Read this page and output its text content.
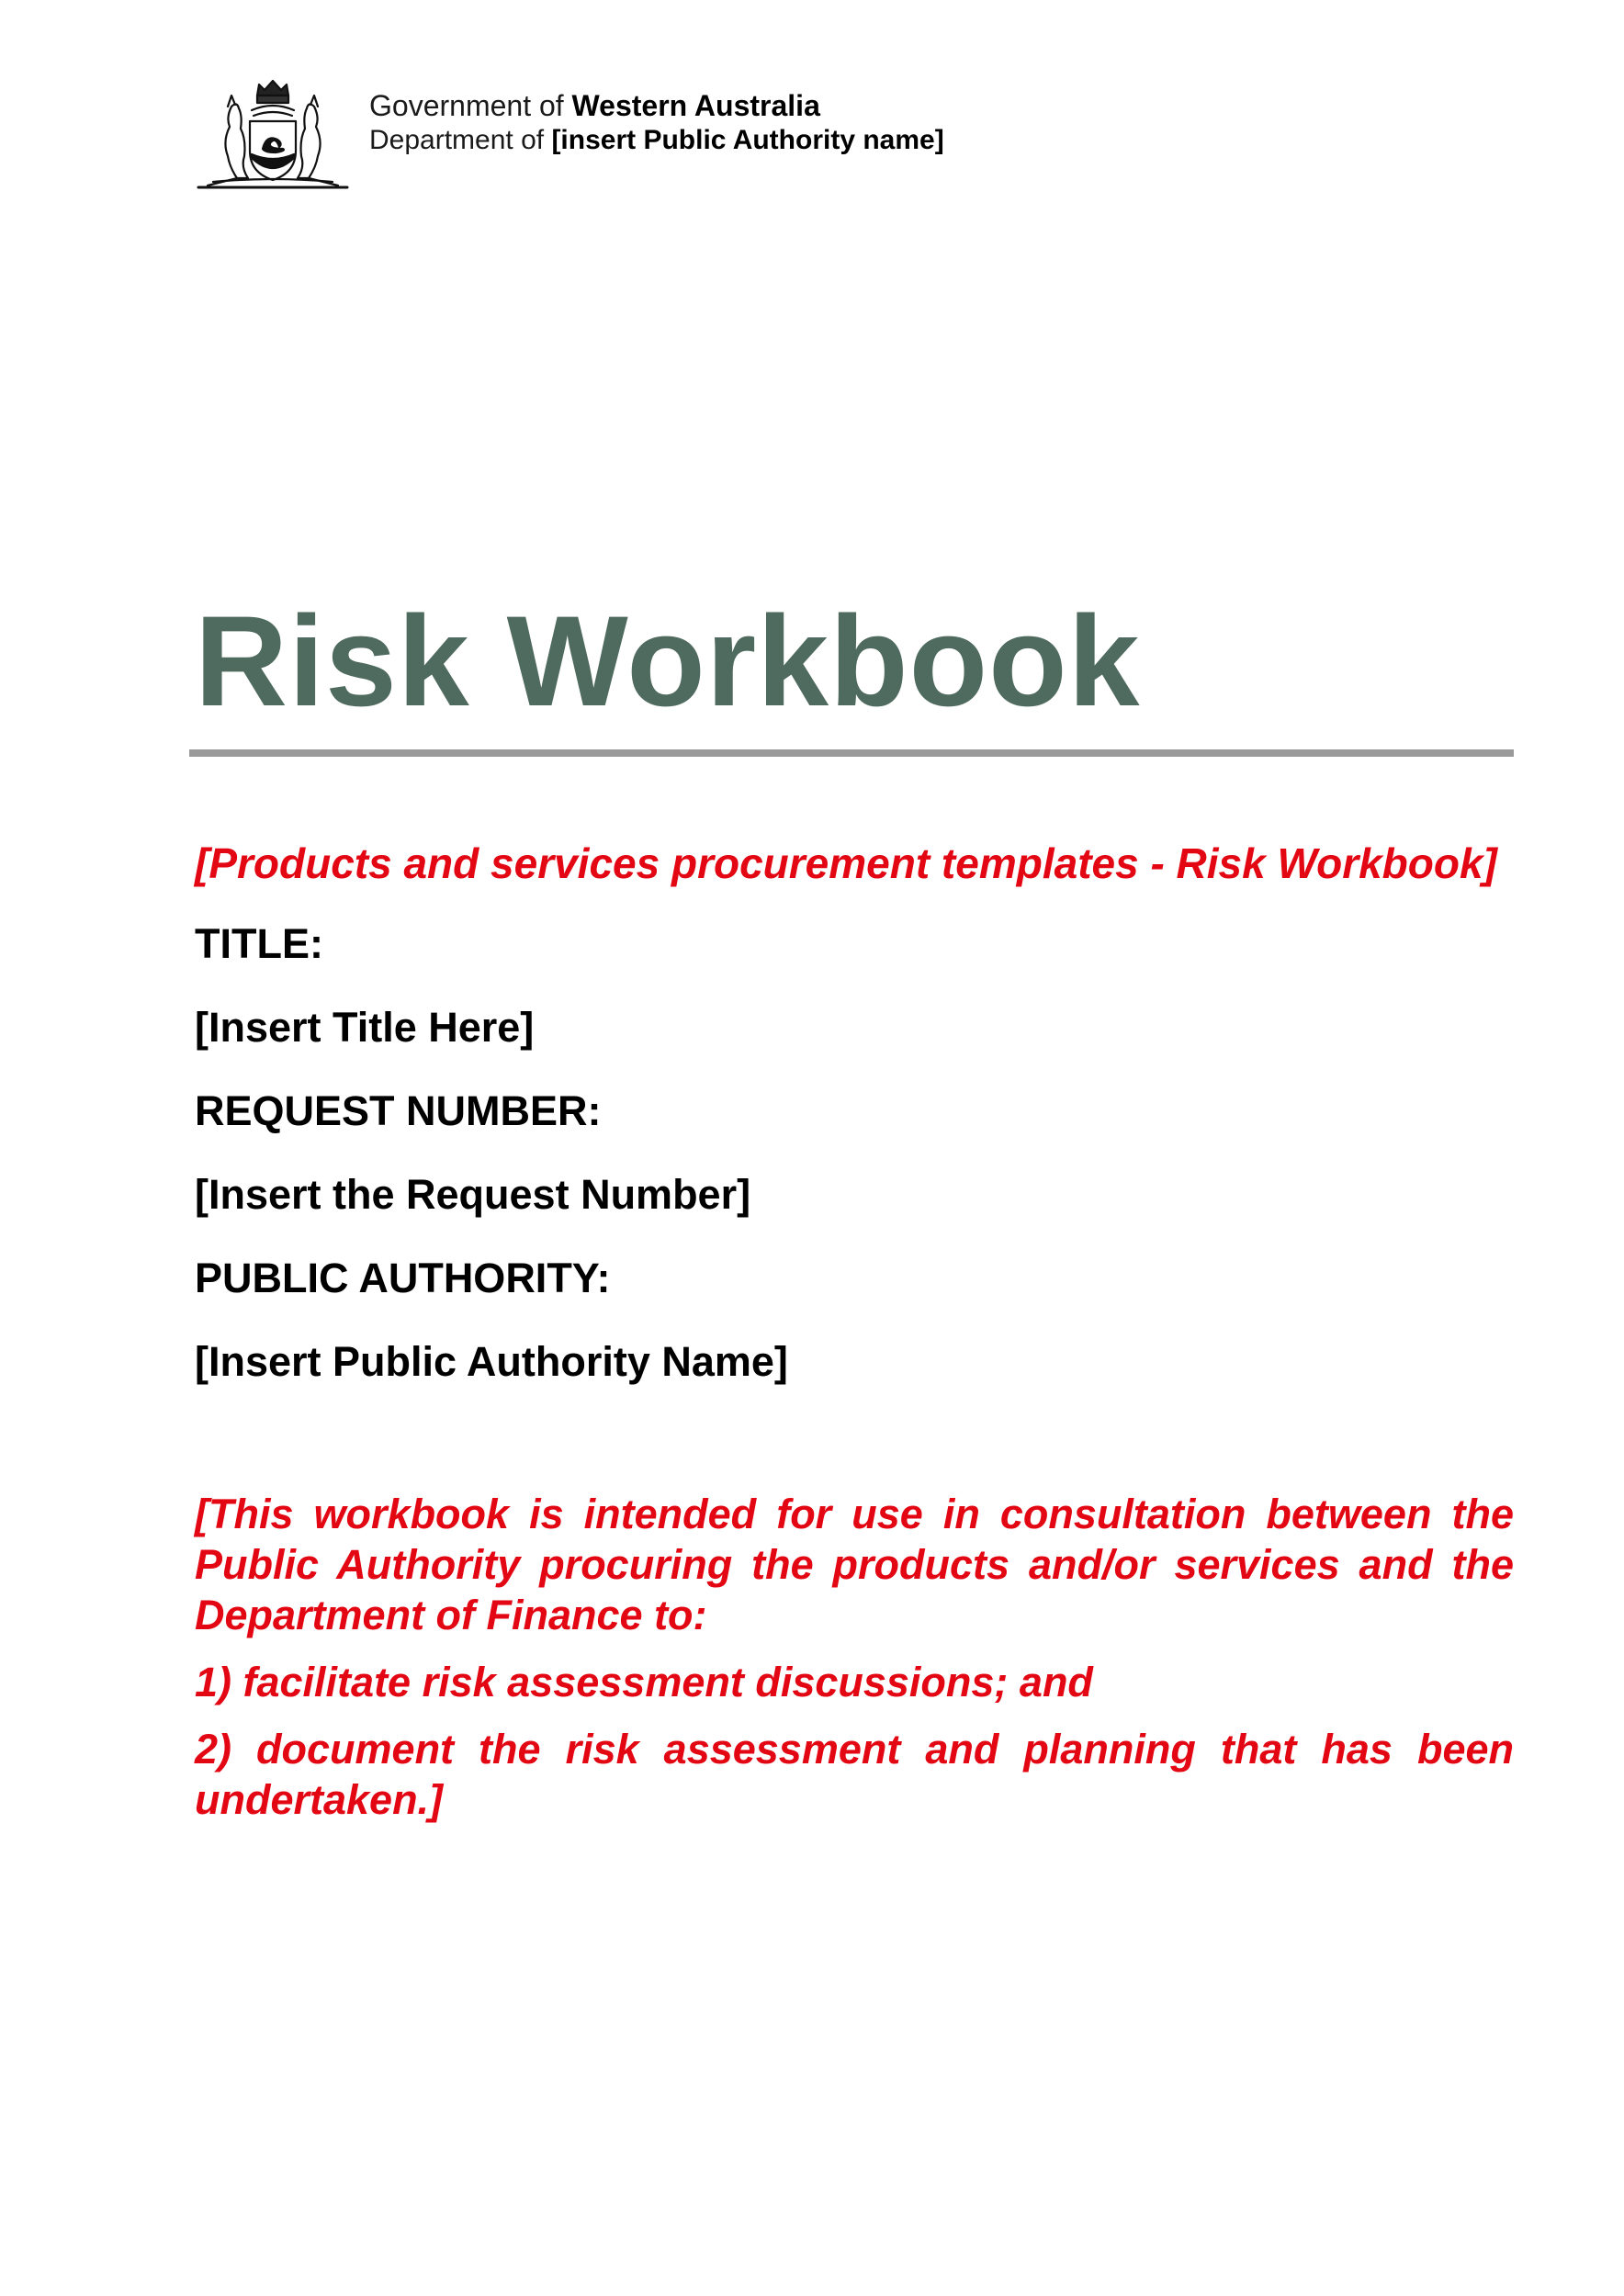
Government of Western Australia
Department of [insert Public Authority name]
Risk Workbook

[Products and services procurement templates - Risk Workbook]

TITLE:

[Insert Title Here]

REQUEST NUMBER:

[Insert the Request Number]

PUBLIC AUTHORITY:

[Insert Public Authority Name]

[This workbook is intended for use in consultation between the Public Authority procuring the products and/or services and the Department of Finance to:

1) facilitate risk assessment discussions; and

2) document the risk assessment and planning that has been undertaken.]
